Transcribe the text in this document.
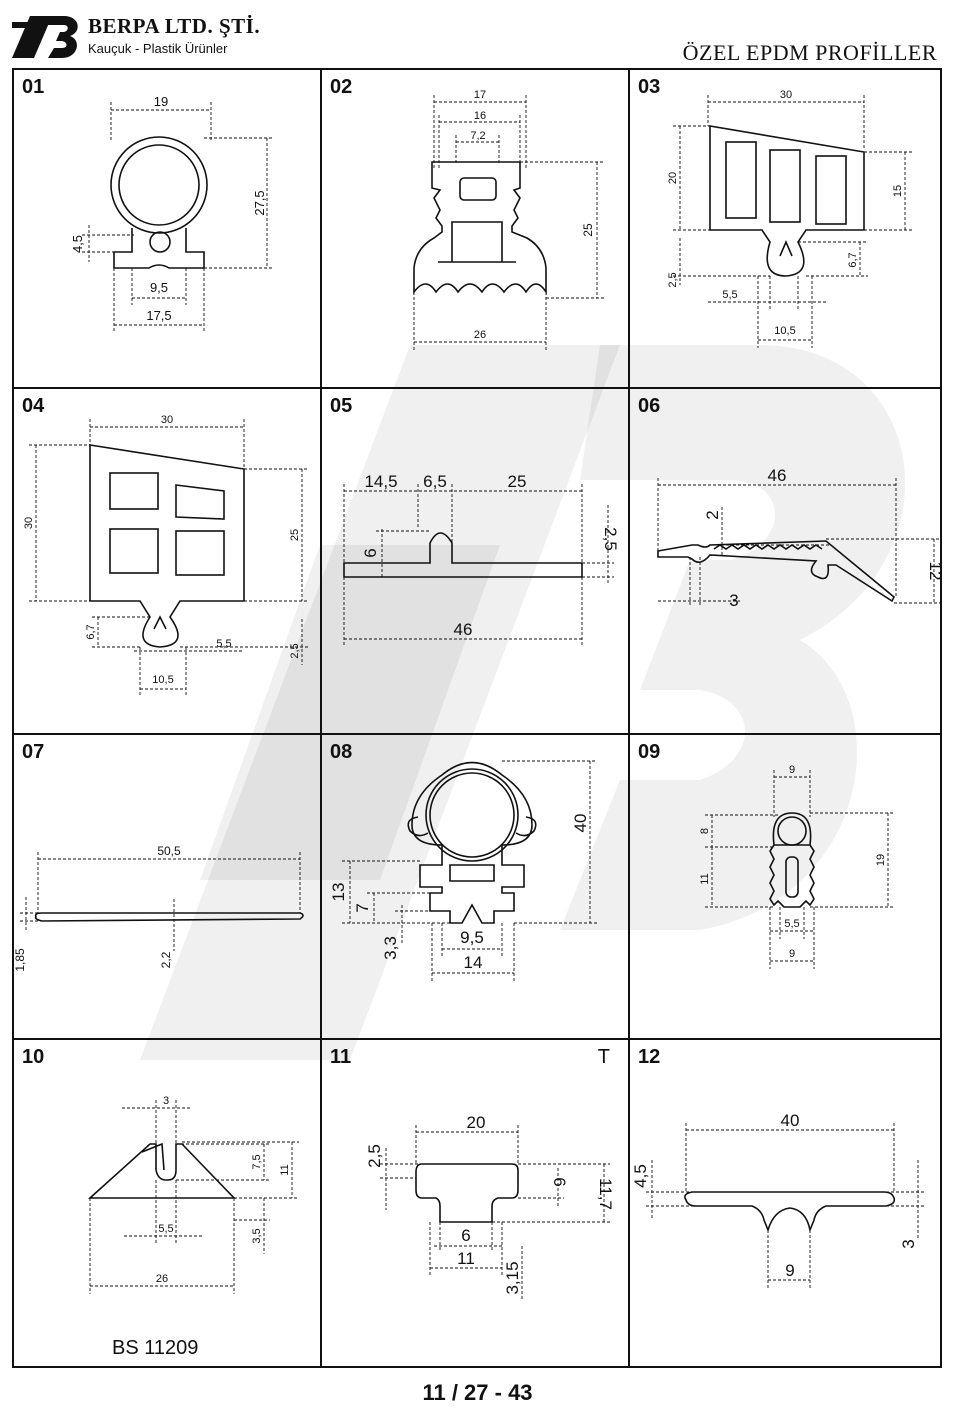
BERPA LTD. ŞTİ.
Kauçuk - Plastik Ürünler	ÖZEL EPDM PROFİLLER
01
19
27,5
4,5
9,5
17,5
02	17
16
7,2
25
26
03	30
20
15
2,5
6,7
5,5
10,5
04
30
30
25
6,7
5,5	2,5
10,5
05
14,5 6,5	25
2,5
6
46
06
46
2
12
3
07
50,5
1,85	2,2
08
40
13
7
3,3	9,5
14
09
9
8
19
11
5,5
9
10
BS 11209
3
7,5
11
3,5
5,5
26
11	T
20
2,5
6 11,7
6
11
3,15
12
40
4,5
3
9
11 / 27 - 43
